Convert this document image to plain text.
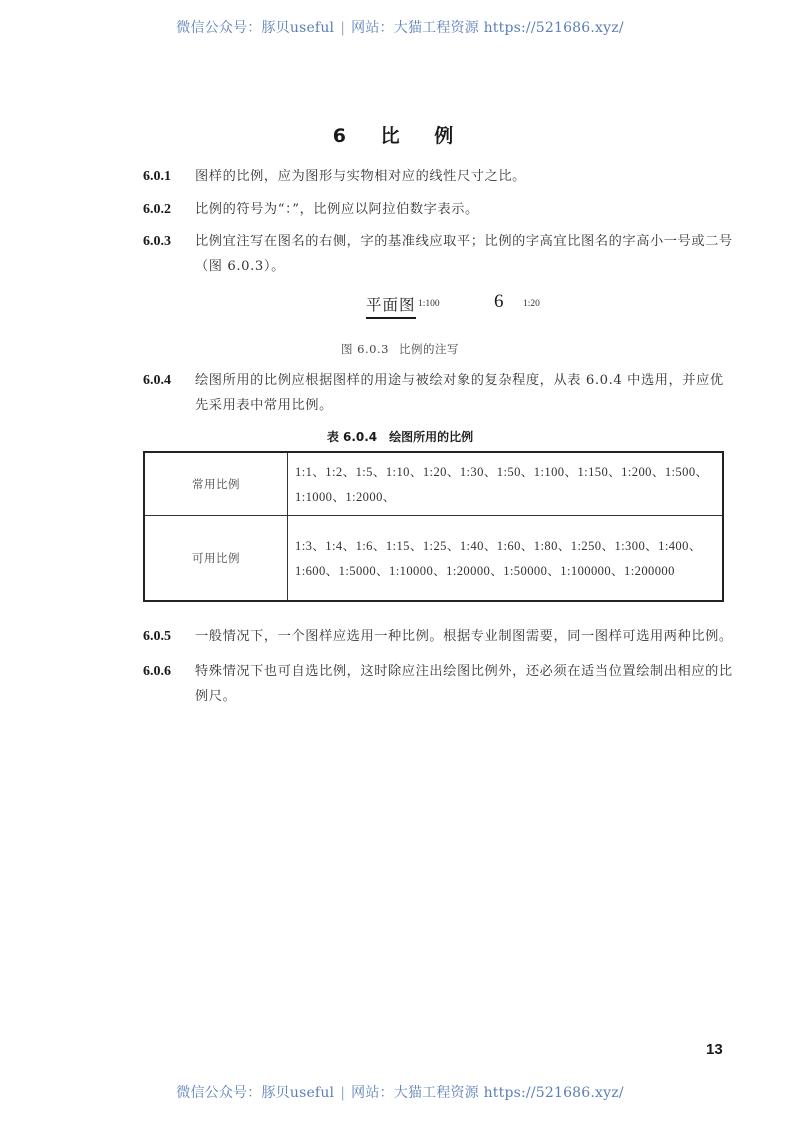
微信公众号：豚贝useful | 网站：大猫工程资源 https://521686.xyz/
6 比 例
6.0.1 图样的比例，应为图形与实物相对应的线性尺寸之比。
6.0.2 比例的符号为“：”，比例应以阿拉伯数字表示。
6.0.3 比例宜注写在图名的右侧，字的基准线应取平；比例的字高宜比图名的字高小一号或二号（图 6.0.3）。
平面图 1:100	6 1:20
图 6.0.3 比例的注写
6.0.4 绘图所用的比例应根据图样的用途与被绘对象的复杂程度，从表 6.0.4 中选用，并应优先采用表中常用比例。
表 6.0.4 绘图所用的比例
常用比例	1:1、1:2、1:5、1:10、1:20、1:30、1:50、1:100、1:150、1:200、1:500、1:1000、1:2000、
可用比例	1:3、1:4、1:6、1:15、1:25、1:40、1:60、1:80、1:250、1:300、1:400、1:600、1:5000、1:10000、1:20000、1:50000、1:100000、1:200000
6.0.5 一般情况下，一个图样应选用一种比例。根据专业制图需要，同一图样可选用两种比例。
6.0.6 特殊情况下也可自选比例，这时除应注出绘图比例外，还必须在适当位置绘制出相应的比例尺。
13
微信公众号：豚贝useful | 网站：大猫工程资源 https://521686.xyz/
